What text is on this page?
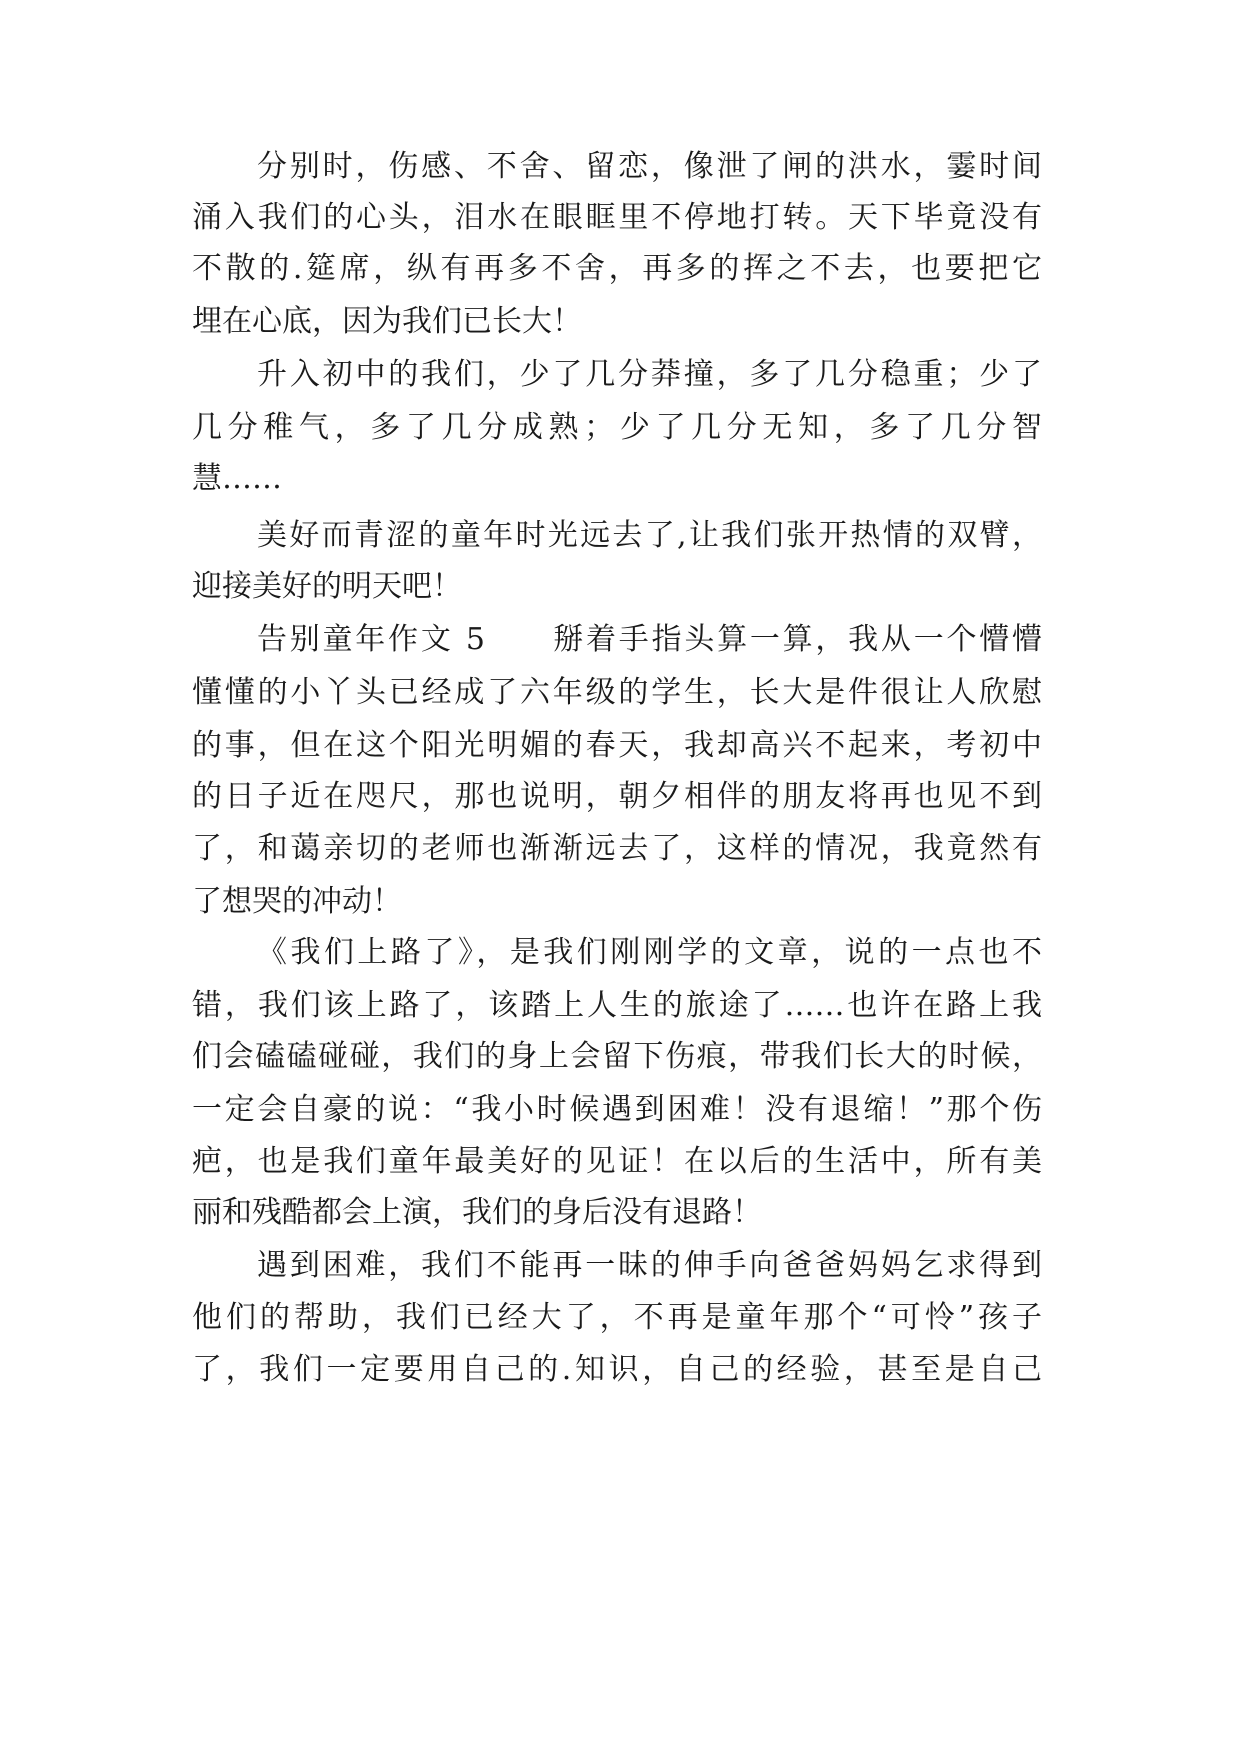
分别时，伤感、不舍、留恋，像泄了闸的洪水，霎时间
涌入我们的心头，泪水在眼眶里不停地打转。天下毕竟没有
不散的.筵席，纵有再多不舍，再多的挥之不去，也要把它
埋在心底，因为我们已长大！
升入初中的我们，少了几分莽撞，多了几分稳重；少了
几分稚气，多了几分成熟；少了几分无知，多了几分智
慧……
美好而青涩的童年时光远去了,让我们张开热情的双臂，
迎接美好的明天吧！
告别童年作文 5　　掰着手指头算一算，我从一个懵懵
懂懂的小丫头已经成了六年级的学生，长大是件很让人欣慰
的事，但在这个阳光明媚的春天，我却高兴不起来，考初中
的日子近在咫尺，那也说明，朝夕相伴的朋友将再也见不到
了，和蔼亲切的老师也渐渐远去了，这样的情况，我竟然有
了想哭的冲动！
《我们上路了》，是我们刚刚学的文章，说的一点也不
错，我们该上路了，该踏上人生的旅途了……也许在路上我
们会磕磕碰碰，我们的身上会留下伤痕，带我们长大的时候，
一定会自豪的说：“我小时候遇到困难！没有退缩！”那个伤
疤，也是我们童年最美好的见证！在以后的生活中，所有美
丽和残酷都会上演，我们的身后没有退路！
遇到困难，我们不能再一昧的伸手向爸爸妈妈乞求得到
他们的帮助，我们已经大了，不再是童年那个“可怜”孩子
了，我们一定要用自己的.知识，自己的经验，甚至是自己
